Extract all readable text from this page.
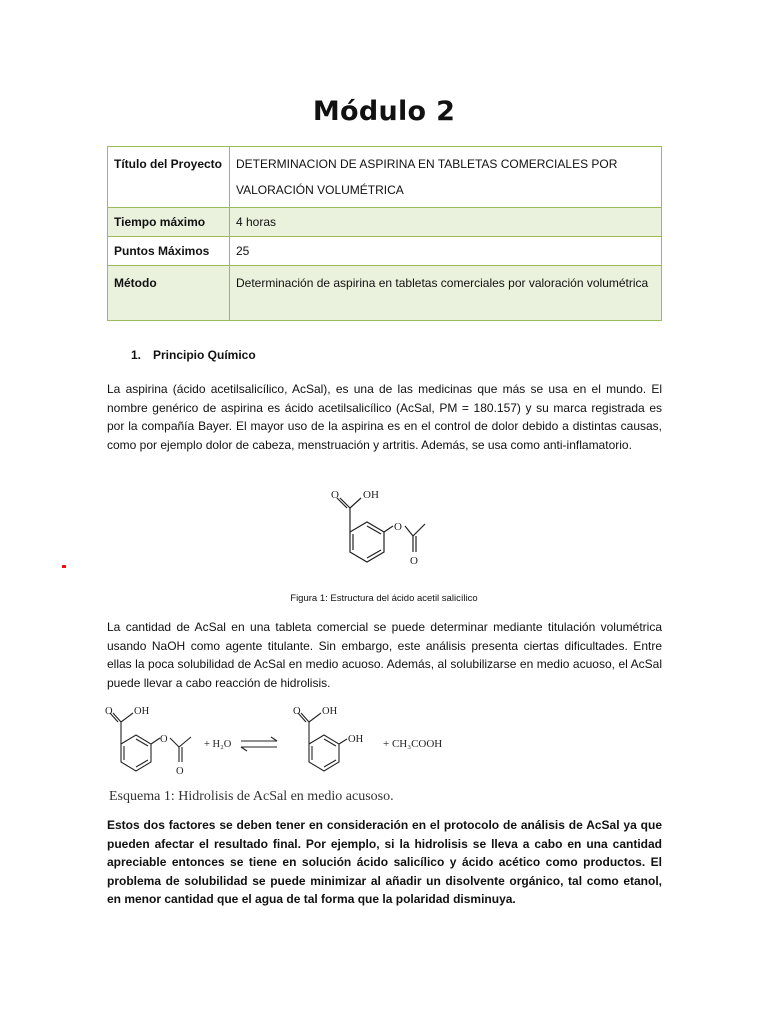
Módulo 2
Título del Proyecto	DETERMINACION DE ASPIRINA EN TABLETAS COMERCIALES POR VALORACIÓN VOLUMÉTRICA
Tiempo máximo	4 horas
Puntos Máximos	25
Método	Determinación de aspirina en tabletas comerciales por valoración volumétrica
1. Principio Químico

La aspirina (ácido acetilsalicílico, AcSal), es una de las medicinas que más se usa en el mundo. El nombre genérico de aspirina es ácido acetilsalicílico (AcSal, PM = 180.157) y su marca registrada es por la compañía Bayer. El mayor uso de la aspirina es en el control de dolor debido a distintas causas, como por ejemplo dolor de cabeza, menstruación y artritis. Además, se usa como anti-inflamatorio.

O OH
O
O
Figura 1: Estructura del ácido acetil salicílico

La cantidad de AcSal en una tableta comercial se puede determinar mediante titulación volumétrica usando NaOH como agente titulante. Sin embargo, este análisis presenta ciertas dificultades. Entre ellas la poca solubilidad de AcSal en medio acuoso. Además, al solubilizarse en medio acuoso, el AcSal puede llevar a cabo reacción de hidrolisis.

O OH
O
O
+ H₂O
O OH
OH + CH₃COOH
Esquema 1: Hidrolisis de AcSal en medio acusoso.

Estos dos factores se deben tener en consideración en el protocolo de análisis de AcSal ya que pueden afectar el resultado final. Por ejemplo, si la hidrolisis se lleva a cabo en una cantidad apreciable entonces se tiene en solución ácido salicílico y ácido acético como productos. El problema de solubilidad se puede minimizar al añadir un disolvente orgánico, tal como etanol, en menor cantidad que el agua de tal forma que la polaridad disminuya.
